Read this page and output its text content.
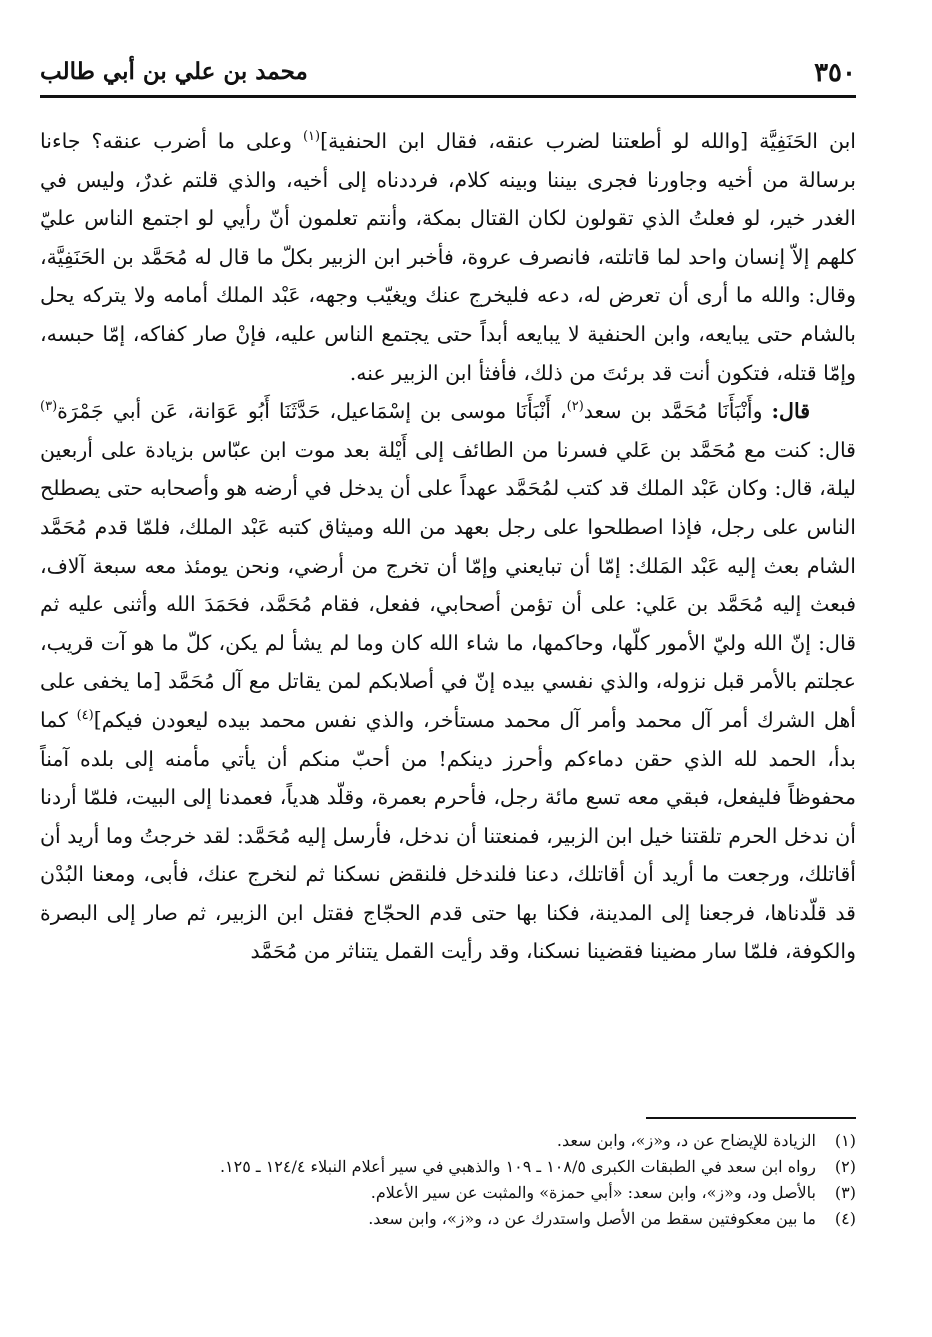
٣٥٠
محمد بن علي بن أبي طالب

ابن الحَنَفِيَّة [والله لو أطعتنا لضرب عنقه، فقال ابن الحنفية]$^{(١)}$ وعلى ما أضرب عنقه؟ جاءنا برسالة من أخيه وجاورنا فجرى بيننا وبينه كلام، فرددناه إلى أخيه، والذي قلتم غدرٌ، وليس في الغدر خير، لو فعلتُ الذي تقولون لكان القتال بمكة، وأنتم تعلمون أنّ رأيي لو اجتمع الناس عليّ كلهم إلاّ إنسان واحد لما قاتلته، فانصرف عروة، فأخبر ابن الزبير بكلّ ما قال له مُحَمَّد بن الحَنَفِيَّة، وقال: والله ما أرى أن تعرض له، دعه فليخرج عنك ويغيّب وجهه، عَبْد الملك أمامه ولا يتركه يحل بالشام حتى يبايعه، وابن الحنفية لا يبايعه أبداً حتى يجتمع الناس عليه، فإنْ صار كفاكه، إمّا حبسه، وإمّا قتله، فتكون أنت قد برئتَ من ذلك، فأفثأ ابن الزبير عنه.

قال: وأَنْبَأَنَا مُحَمَّد بن سعد$^{(٢)}$، أَنْبَأَنَا موسى بن إسْمَاعيل، حَدَّثَنَا أَبُو عَوَانة، عَن أبي جَمْرَة$^{(٣)}$ قال: كنت مع مُحَمَّد بن عَلي فسرنا من الطائف إلى أَيْلة بعد موت ابن عبّاس بزيادة على أربعين ليلة، قال: وكان عَبْد الملك قد كتب لمُحَمَّد عهداً على أن يدخل في أرضه هو وأصحابه حتى يصطلح الناس على رجل، فإذا اصطلحوا على رجل بعهد من الله وميثاق كتبه عَبْد الملك، فلمّا قدم مُحَمَّد الشام بعث إليه عَبْد المَلك: إمّا أن تبايعني وإمّا أن تخرج من أرضي، ونحن يومئذ معه سبعة آلاف، فبعث إليه مُحَمَّد بن عَلي: على أن تؤمن أصحابي، ففعل، فقام مُحَمَّد، فحَمَدَ الله وأثنى عليه ثم قال: إنّ الله وليّ الأمور كلّها، وحاكمها، ما شاء الله كان وما لم يشأ لم يكن، كلّ ما هو آت قريب، عجلتم بالأمر قبل نزوله، والذي نفسي بيده إنّ في أصلابكم لمن يقاتل مع آل مُحَمَّد [ما يخفى على أهل الشرك أمر آل محمد وأمر آل محمد مستأخر، والذي نفس محمد بيده ليعودن فيكم]$^{(٤)}$ كما بدأ، الحمد لله الذي حقن دماءكم وأحرز دينكم! من أحبّ منكم أن يأتي مأمنه إلى بلده آمناً محفوظاً فليفعل، فبقي معه تسع مائة رجل، فأحرم بعمرة، وقلّد هدياً، فعمدنا إلى البيت، فلمّا أردنا أن ندخل الحرم تلقتنا خيل ابن الزبير، فمنعتنا أن ندخل، فأرسل إليه مُحَمَّد: لقد خرجتُ وما أريد أن أقاتلك، ورجعت ما أريد أن أقاتلك، دعنا فلندخل فلنقض نسكنا ثم لنخرج عنك، فأبى، ومعنا البُدْن قد قلّدناها، فرجعنا إلى المدينة، فكنا بها حتى قدم الحجّاج فقتل ابن الزبير، ثم صار إلى البصرة والكوفة، فلمّا سار مضينا فقضينا نسكنا، وقد رأيت القمل يتناثر من مُحَمَّد

(١)
الزيادة للإيضاح عن د، و«ز»، وابن سعد.
(٢)
رواه ابن سعد في الطبقات الكبرى ١٠٨/٥ ـ ١٠٩ والذهبي في سير أعلام النبلاء ١٢٤/٤ ـ ١٢٥.
(٣)
بالأصل ود، و«ز»، وابن سعد: «أبي حمزة» والمثبت عن سير الأعلام.
(٤)
ما بين معكوفتين سقط من الأصل واستدرك عن د، و«ز»، وابن سعد.
